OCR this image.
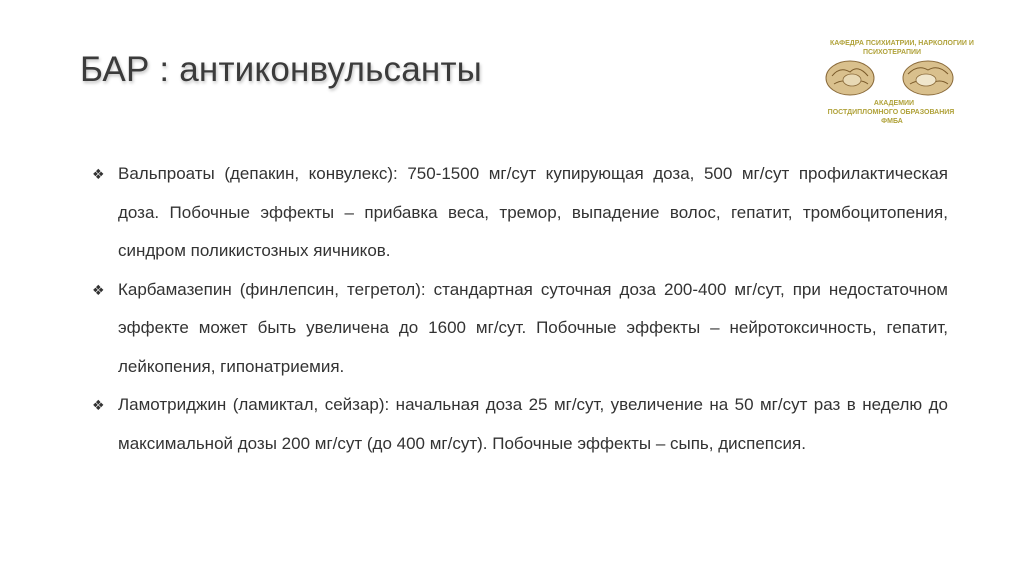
БАР : антиконвульсанты
КАФЕДРА ПСИХИАТРИИ, НАРКОЛОГИИ И
ПСИХОТЕРАПИИ
АКАДЕМИИ
ПОСТДИПЛОМНОГО ОБРАЗОВАНИЯ
ФМБА
❖ Вальпроаты (депакин, конвулекс): 750-1500 мг/сут купирующая доза, 500 мг/сут профилактическая доза. Побочные эффекты – прибавка веса, тремор, выпадение волос, гепатит, тромбоцитопения, синдром поликистозных яичников.
❖ Карбамазепин (финлепсин, тегретол): стандартная суточная доза 200-400 мг/сут, при недостаточном эффекте может быть увеличена до 1600 мг/сут. Побочные эффекты – нейротоксичность, гепатит, лейкопения, гипонатриемия.
❖ Ламотриджин (ламиктал, сейзар): начальная доза 25 мг/сут, увеличение на 50 мг/сут раз в неделю до максимальной дозы 200 мг/сут (до 400 мг/сут). Побочные эффекты – сыпь, диспепсия.
